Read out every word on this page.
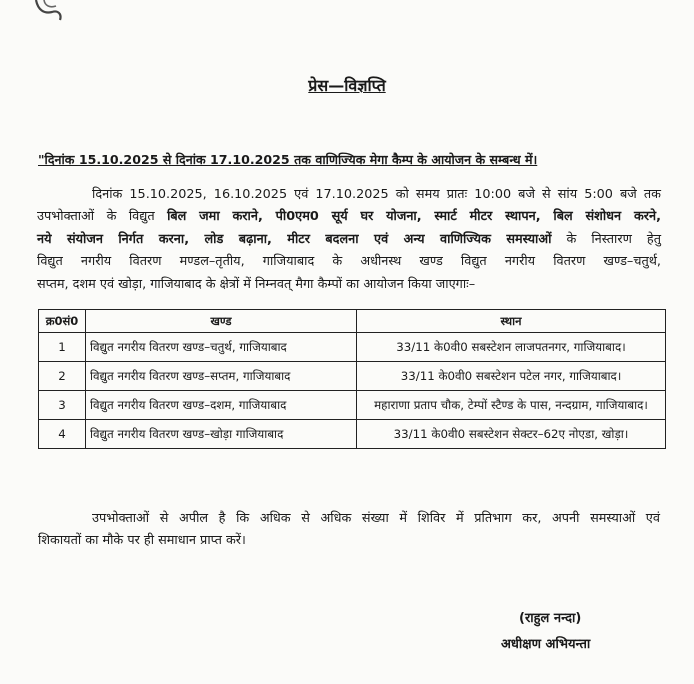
प्रेस—विज्ञप्ति
"दिनांक 15.10.2025 से दिनांक 17.10.2025 तक वाणिज्यिक मेगा कैम्प के आयोजन के सम्बन्ध में।
दिनांक 15.10.2025, 16.10.2025 एवं 17.10.2025 को समय प्रातः 10:00 बजे से सांय 5:00 बजे तक
उपभोक्ताओं के विद्युत बिल जमा कराने, पी0एम0 सूर्य घर योजना, स्मार्ट मीटर स्थापन, बिल संशोधन करने,
नये संयोजन निर्गत करना, लोड बढ़ाना, मीटर बदलना एवं अन्य वाणिज्यिक समस्याओं के निस्तारण हेतु
विद्युत नगरीय वितरण मण्डल–तृतीय, गाजियाबाद के अधीनस्थ खण्ड विद्युत नगरीय वितरण खण्ड–चतुर्थ,
सप्तम, दशम एवं खोड़ा, गाजियाबाद के क्षेत्रों में निम्नवत् मैगा कैम्पों का आयोजन किया जाएगाः–
क्र0सं0	खण्ड	स्थान
1	विद्युत नगरीय वितरण खण्ड–चतुर्थ, गाजियाबाद	33/11 के0वी0 सबस्टेशन लाजपतनगर, गाजियाबाद।
2	विद्युत नगरीय वितरण खण्ड–सप्तम, गाजियाबाद	33/11 के0वी0 सबस्टेशन पटेल नगर, गाजियाबाद।
3	विद्युत नगरीय वितरण खण्ड–दशम, गाजियाबाद	महाराणा प्रताप चौक, टेम्पों स्टैण्ड के पास, नन्दग्राम, गाजियाबाद।
4	विद्युत नगरीय वितरण खण्ड–खोड़ा गाजियाबाद	33/11 के0वी0 सबस्टेशन सेक्टर–62ए नोएडा, खोड़ा।
उपभोक्ताओं से अपील है कि अधिक से अधिक संख्या में शिविर में प्रतिभाग कर, अपनी समस्याओं एवं
शिकायतों का मौके पर ही समाधान प्राप्त करें।
(राहुल नन्दा)
अधीक्षण अभियन्ता
